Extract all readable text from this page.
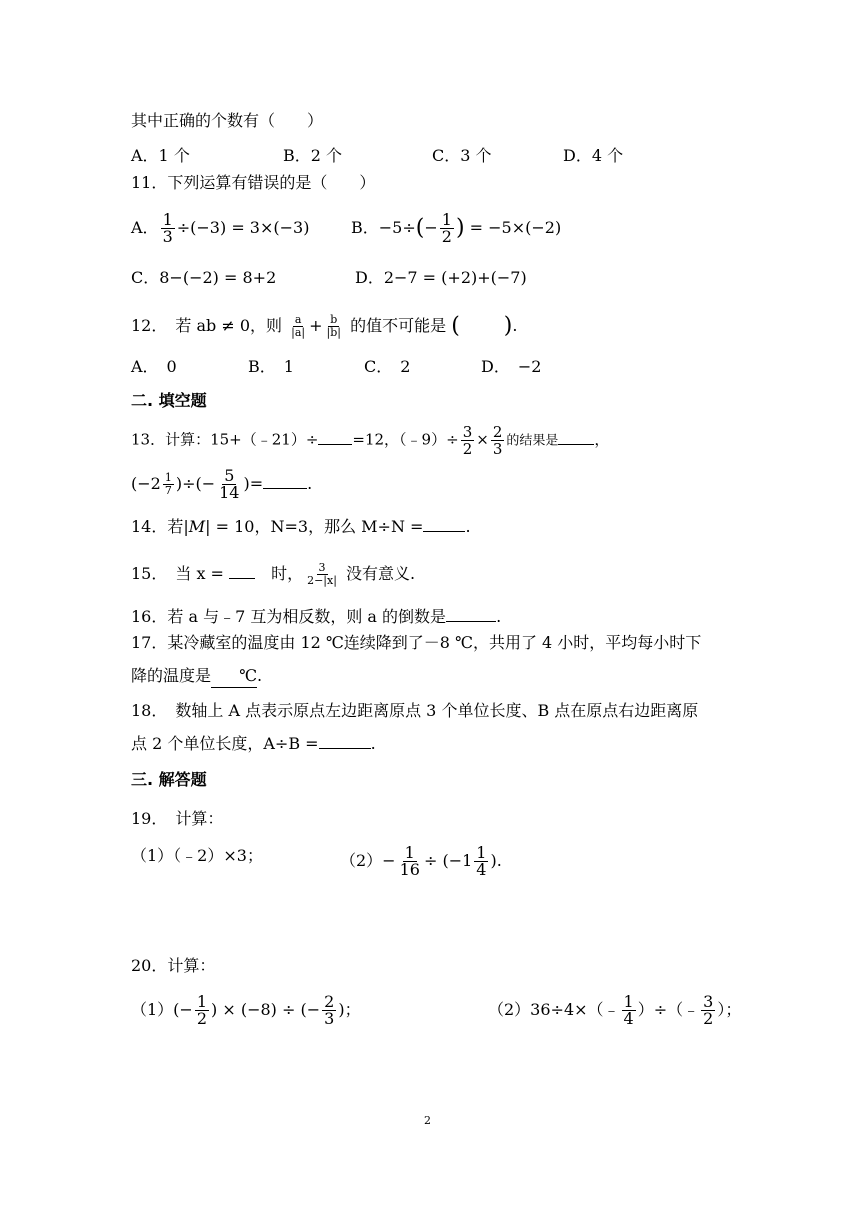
其中正确的个数有（　　）
A．1 个	B．2 个	C．3 个	D．4 个
11．下列运算有错误的是（　　）
A． $\frac{1}{3} \div(-3) = 3\times(-3)$	B．$-5\div(- \frac{1}{2}$ ) = −5×(−2)
C．8−(−2) = 8+2	D．2−7 = (+2)+(−7)
12．　 若 ab ≠ 0，则 $\frac{a}{|a|} + \frac{b}{|b|}$ 的值不可能是 (　　).
A．　0	B．　1	C．　2	D．　−2
二. 填空题
13．计算：15+（﹣21）÷ =12，（﹣9）÷ $\frac{3}{2} \times \frac{2}{3}$ 的结果是 ，
($-2 \frac{1}{7}$ )÷(− $\frac{5}{14}$ )=	.
14．若|M| = 10，N=3，那么 M÷N =	.
15．　当 x = 　	时， $\frac{3}{2-|x|}$ 没有意义.
16．若 a 与﹣7 互为相反数，则 a 的倒数是	.
17．某冷藏室的温度由 12 ℃连续降到了－8 ℃，共用了 4 小时，平均每小时下
降的温度是 ℃.
18．　数轴上 A 点表示原点左边距离原点 3 个单位长度、B 点在原点右边距离原
点 2 个单位长度，A÷B =	.
三. 解答题
19．　计算：
（1）（﹣2）×3；	$(2)- \frac{1}{16} \div (-1 \frac{1}{4}$ ).
20．计算：
$(1)(- \frac{1}{2}$ ) × (−8) ÷ (− $\frac{2}{3}$ )；	（2）36÷4×（﹣ $\frac{1}{4}$ ）÷（﹣ $\frac{3}{2}$ ）；
2
